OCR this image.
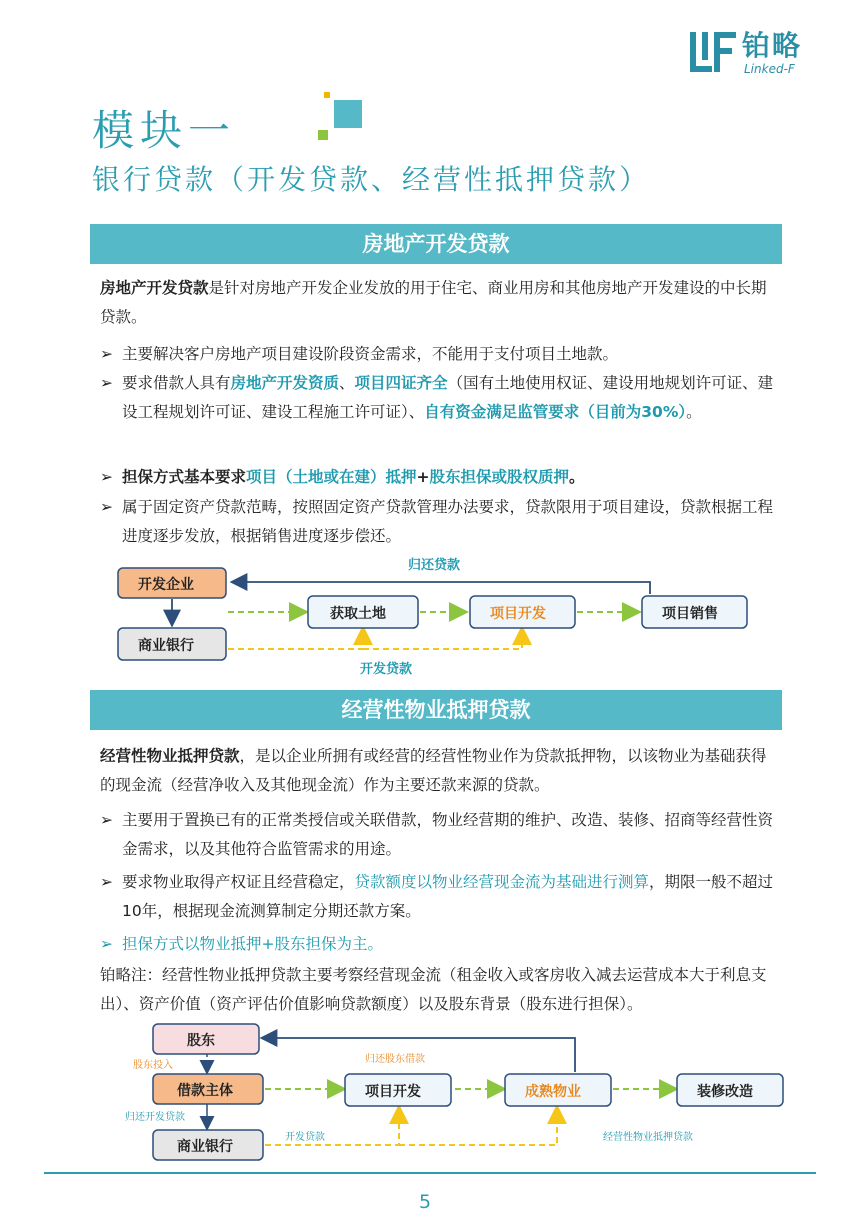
铂略
Linked-F
模块一
银行贷款（开发贷款、经营性抵押贷款）
房地产开发贷款
房地产开发贷款是针对房地产开发企业发放的用于住宅、商业用房和其他房地产开发建设的中长期贷款。
➢ 主要解决客户房地产项目建设阶段资金需求，不能用于支付项目土地款。
➢ 要求借款人具有房地产开发资质、项目四证齐全（国有土地使用权证、建设用地规划许可证、建设工程规划许可证、建设工程施工许可证）、自有资金满足监管要求（目前为30%）。
➢ 担保方式基本要求项目（土地或在建）抵押+股东担保或股权质押。
➢ 属于固定资产贷款范畴，按照固定资产贷款管理办法要求，贷款限用于项目建设，贷款根据工程进度逐步发放，根据销售进度逐步偿还。
归还贷款
开发企业
商业银行
获取土地	项目开发	项目销售
开发贷款
经营性物业抵押贷款
经营性物业抵押贷款，是以企业所拥有或经营的经营性物业作为贷款抵押物，以该物业为基础获得的现金流（经营净收入及其他现金流）作为主要还款来源的贷款。
➢ 主要用于置换已有的正常类授信或关联借款，物业经营期的维护、改造、装修、招商等经营性资金需求，以及其他符合监管需求的用途。
➢ 要求物业取得产权证且经营稳定，贷款额度以物业经营现金流为基础进行测算，期限一般不超过10年，根据现金流测算制定分期还款方案。
➢ 担保方式以物业抵押+股东担保为主。
铂略注：经营性物业抵押贷款主要考察经营现金流（租金收入或客房收入减去运营成本大于利息支出）、资产价值（资产评估价值影响贷款额度）以及股东背景（股东进行担保）。
股东
股东投入
借款主体
归还开发贷款
归还股东借款
商业银行
项目开发	成熟物业	装修改造
开发贷款	经营性物业抵押贷款
5
